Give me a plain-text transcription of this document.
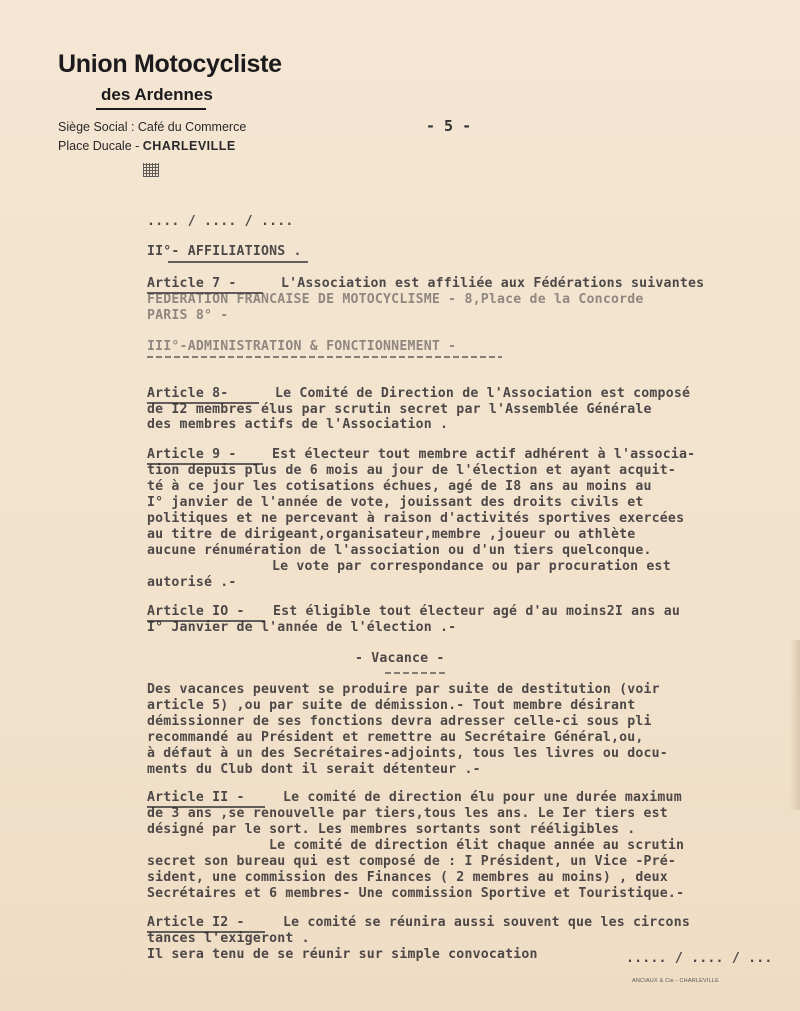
Union Motocycliste
des Ardennes
Siège Social : Café du Commerce
Place Ducale - CHARLEVILLE
- 5 -
.... / .... / ....
II°- AFFILIATIONS .
Article 7 -	L'Association est affiliée aux Fédérations suivantes
FEDERATION FRANCAISE DE MOTOCYCLISME - 8,Place de la Concorde
PARIS 8° -
III°-ADMINISTRATION & FONCTIONNEMENT -
Article 8-	Le Comité de Direction de l'Association est composé
de I2 membres élus par scrutin secret par l'Assemblée Générale
des membres actifs de l'Association .
Article 9 -	Est électeur tout membre actif adhérent à l'associa-
tion depuis plus de 6 mois au jour de l'élection et ayant acquit-
té à ce jour les cotisations échues, agé de I8 ans au moins au
I° janvier de l'année de vote, jouissant des droits civils et
politiques et ne percevant à raison d'activités sportives exercées
au titre de dirigeant,organisateur,membre ,joueur ou athlète
aucune rénumération de l'association ou d'un tiers quelconque.
Le vote par correspondance ou par procuration est
autorisé .-
Article IO - Est éligible tout électeur agé d'au moins2I ans au
I° Janvier de l'année de l'élection .-
- Vacance -
Des vacances peuvent se produire par suite de destitution (voir
article 5) ,ou par suite de démission.- Tout membre désirant
démissionner de ses fonctions devra adresser celle-ci sous pli
recommandé au Président et remettre au Secrétaire Général,ou,
à défaut à un des Secrétaires-adjoints, tous les livres ou docu-
ments du Club dont il serait détenteur .-
Article II -	Le comité de direction élu pour une durée maximum
de 3 ans ,se renouvelle par tiers,tous les ans. Le Ier tiers est
désigné par le sort. Les membres sortants sont rééligibles .
Le comité de direction élit chaque année au scrutin
secret son bureau qui est composé de : I Président, un Vice -Pré-
sident, une commission des Finances ( 2 membres au moins) , deux
Secrétaires et 6 membres- Une commission Sportive et Touristique.-
Article I2 -	Le comité se réunira aussi souvent que les circons
tances l'exigeront .
Il sera tenu de se réunir sur simple convocation	..... / .... / ...
ANCIAUX & Cie - CHARLEVILLE
